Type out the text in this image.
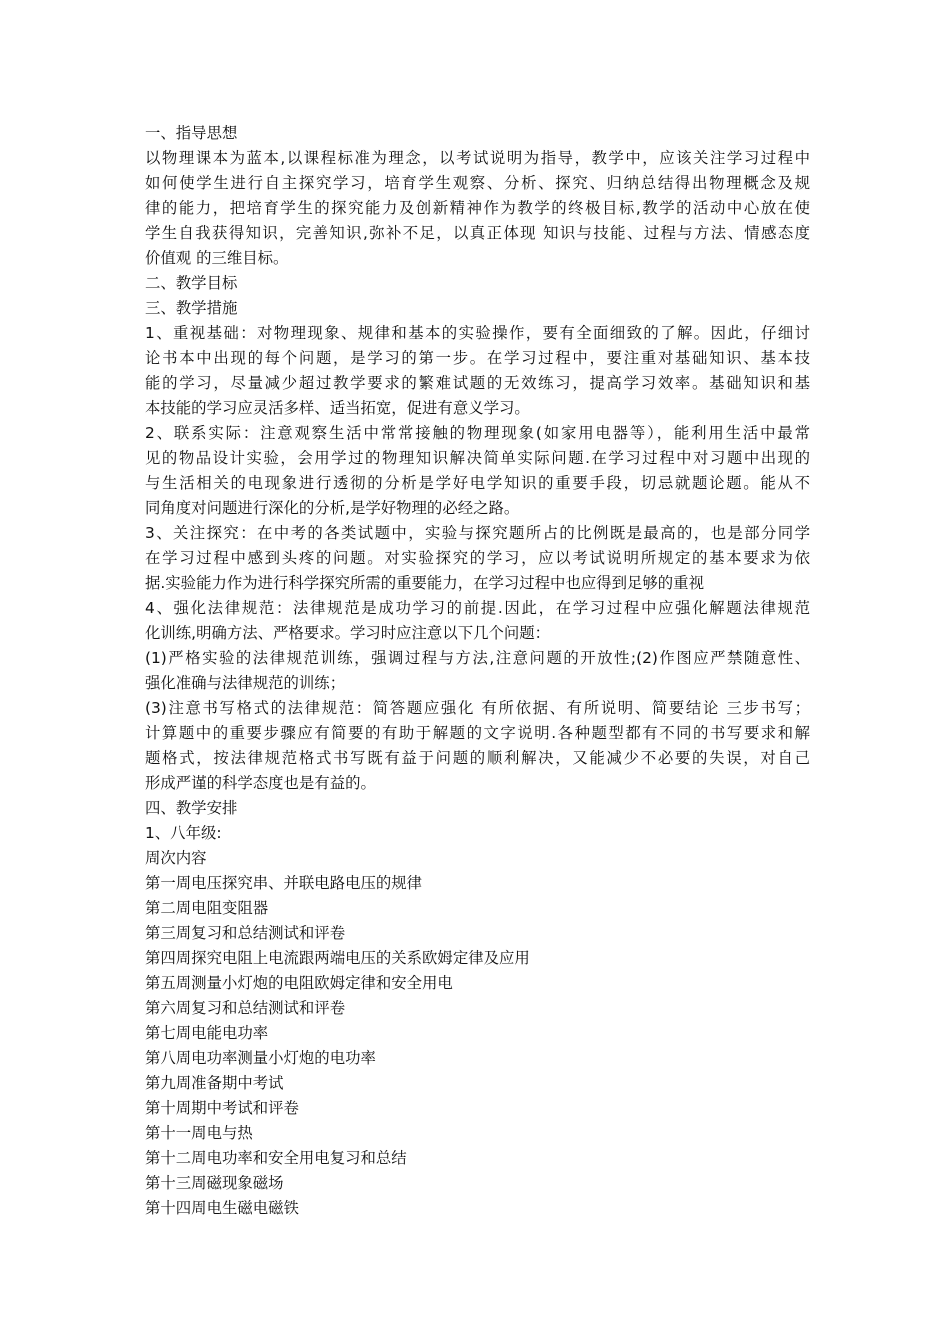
一、指导思想
以物理课本为蓝本,以课程标准为理念，以考试说明为指导，教学中，应该关注学习过程中
如何使学生进行自主探究学习，培育学生观察、分析、探究、归纳总结得出物理概念及规
律的能力，把培育学生的探究能力及创新精神作为教学的终极目标,教学的活动中心放在使
学生自我获得知识，完善知识,弥补不足，以真正体现 知识与技能、过程与方法、情感态度
价值观 的三维目标。
二、教学目标
三、教学措施
1、重视基础：对物理现象、规律和基本的实验操作，要有全面细致的了解。因此，仔细讨
论书本中出现的每个问题，是学习的第一步。在学习过程中，要注重对基础知识、基本技
能的学习，尽量减少超过教学要求的繁难试题的无效练习，提高学习效率。基础知识和基
本技能的学习应灵活多样、适当拓宽，促进有意义学习。
2、联系实际：注意观察生活中常常接触的物理现象(如家用电器等），能利用生活中最常
见的物品设计实验，会用学过的物理知识解决简单实际问题.在学习过程中对习题中出现的
与生活相关的电现象进行透彻的分析是学好电学知识的重要手段，切忌就题论题。能从不
同角度对问题进行深化的分析,是学好物理的必经之路。
3、关注探究：在中考的各类试题中，实验与探究题所占的比例既是最高的，也是部分同学
在学习过程中感到头疼的问题。对实验探究的学习，应以考试说明所规定的基本要求为依
据.实验能力作为进行科学探究所需的重要能力，在学习过程中也应得到足够的重视
4、强化法律规范：法律规范是成功学习的前提.因此，在学习过程中应强化解题法律规范
化训练,明确方法、严格要求。学习时应注意以下几个问题：
(1)严格实验的法律规范训练，强调过程与方法,注意问题的开放性;(2)作图应严禁随意性、
强化准确与法律规范的训练；
(3)注意书写格式的法律规范：简答题应强化 有所依据、有所说明、简要结论 三步书写；
计算题中的重要步骤应有简要的有助于解题的文字说明.各种题型都有不同的书写要求和解
题格式，按法律规范格式书写既有益于问题的顺利解决，又能减少不必要的失误，对自己
形成严谨的科学态度也是有益的。
四、教学安排
1、八年级:
周次内容
第一周电压探究串、并联电路电压的规律
第二周电阻变阻器
第三周复习和总结测试和评卷
第四周探究电阻上电流跟两端电压的关系欧姆定律及应用
第五周测量小灯炮的电阻欧姆定律和安全用电
第六周复习和总结测试和评卷
第七周电能电功率
第八周电功率测量小灯炮的电功率
第九周准备期中考试
第十周期中考试和评卷
第十一周电与热
第十二周电功率和安全用电复习和总结
第十三周磁现象磁场
第十四周电生磁电磁铁
